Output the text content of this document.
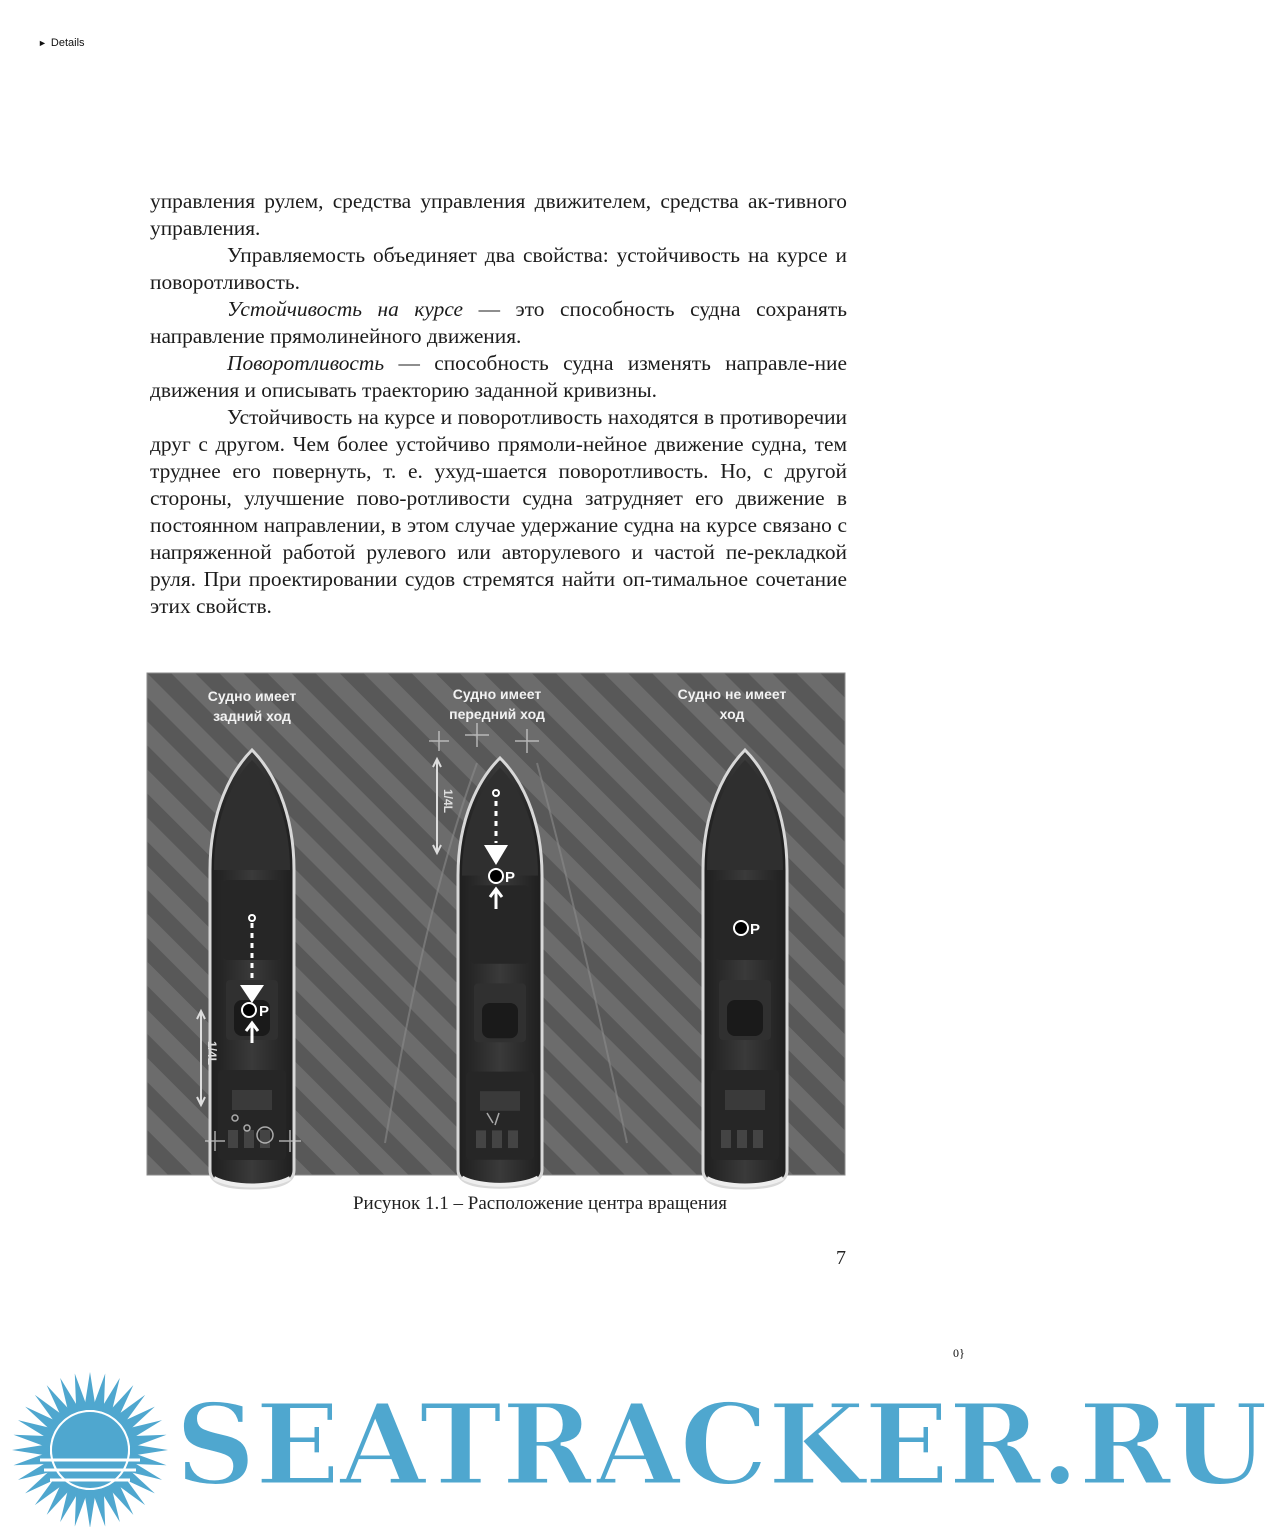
► Details

управления рулем, средства управления движителем, средства ак-тивного управления.

Управляемость объединяет два свойства: устойчивость на курсе и поворотливость.

Устойчивость на курсе — это способность судна сохранять направление прямолинейного движения.

Поворотливость — способность судна изменять направле-ние движения и описывать траекторию заданной кривизны.

Устойчивость на курсе и поворотливость находятся в противоречии друг с другом. Чем более устойчиво прямоли-нейное движение судна, тем труднее его повернуть, т. е. ухуд-шается поворотливость. Но, с другой стороны, улучшение пово-ротливости судна затрудняет его движение в постоянном направлении, в этом случае удержание судна на курсе связано с напряженной работой рулевого или авторулевого и частой пе-рекладкой руля. При проектировании судов стремятся найти оп-тимальное сочетание этих свойств.

P
1/4L
Судно имеет
задний ход
P
1/4L
Судно имеет
передний ход
P
Судно не имеет
ход
Рисунок 1.1 – Расположение центра вращения
7
0}
SEATRACKER.RU
